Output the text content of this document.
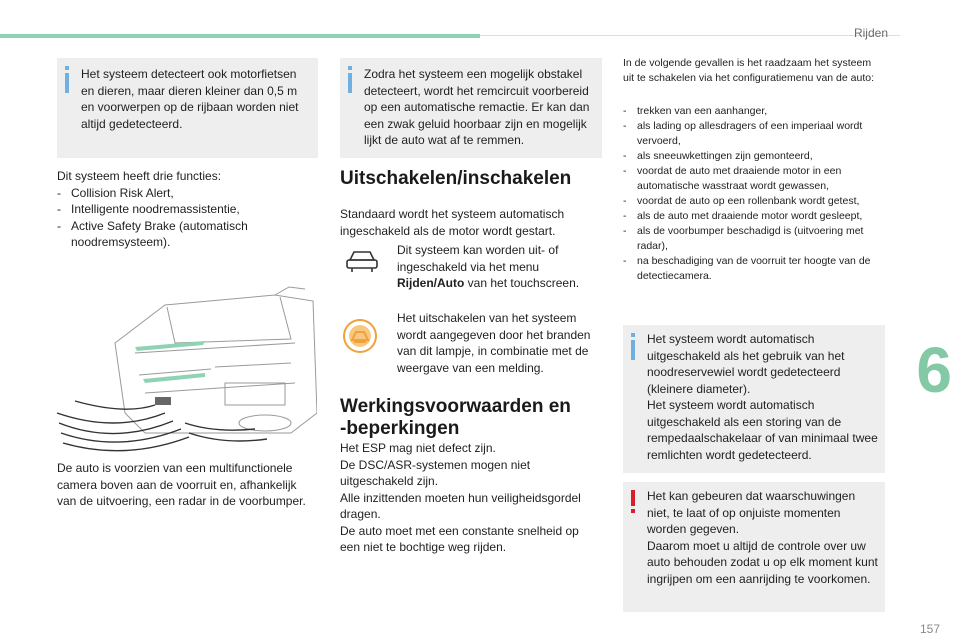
Rijden
6
157
Het systeem detecteert ook motorfietsen en dieren, maar dieren kleiner dan 0,5 m en voorwerpen op de rijbaan worden niet altijd gedetecteerd.
Dit systeem heeft drie functies:
- Collision Risk Alert,
- Intelligente noodremassistentie,
- Active Safety Brake (automatisch noodremsysteem).
De auto is voorzien van een multifunctionele camera boven aan de voorruit en, afhankelijk van de uitvoering, een radar in de voorbumper.
Zodra het systeem een mogelijk obstakel detecteert, wordt het remcircuit voorbereid op een automatische remactie. Er kan dan een zwak geluid hoorbaar zijn en mogelijk lijkt de auto wat af te remmen.
Uitschakelen/inschakelen
Standaard wordt het systeem automatisch ingeschakeld als de motor wordt gestart.
Dit systeem kan worden uit- of ingeschakeld via het menu Rijden/Auto van het touchscreen.
Het uitschakelen van het systeem wordt aangegeven door het branden van dit lampje, in combinatie met de weergave van een melding.
Werkingsvoorwaarden en
-beperkingen
Het ESP mag niet defect zijn.
De DSC/ASR-systemen mogen niet uitgeschakeld zijn.
Alle inzittenden moeten hun veiligheidsgordel dragen.
De auto moet met een constante snelheid op een niet te bochtige weg rijden.
In de volgende gevallen is het raadzaam het systeem uit te schakelen via het configuratiemenu van de auto:
- trekken van een aanhanger,
- als lading op allesdragers of een imperiaal wordt vervoerd,
- als sneeuwkettingen zijn gemonteerd,
- voordat de auto met draaiende motor in een automatische wasstraat wordt gewassen,
- voordat de auto op een rollenbank wordt getest,
- als de auto met draaiende motor wordt gesleept,
- als de voorbumper beschadigd is (uitvoering met radar),
- na beschadiging van de voorruit ter hoogte van de detectiecamera.
Het systeem wordt automatisch uitgeschakeld als het gebruik van het noodreservewiel wordt gedetecteerd (kleinere diameter).
Het systeem wordt automatisch uitgeschakeld als een storing van de rempedaalschakelaar of van minimaal twee remlichten wordt gedetecteerd.
Het kan gebeuren dat waarschuwingen niet, te laat of op onjuiste momenten worden gegeven.
Daarom moet u altijd de controle over uw auto behouden zodat u op elk moment kunt ingrijpen om een aanrijding te voorkomen.
